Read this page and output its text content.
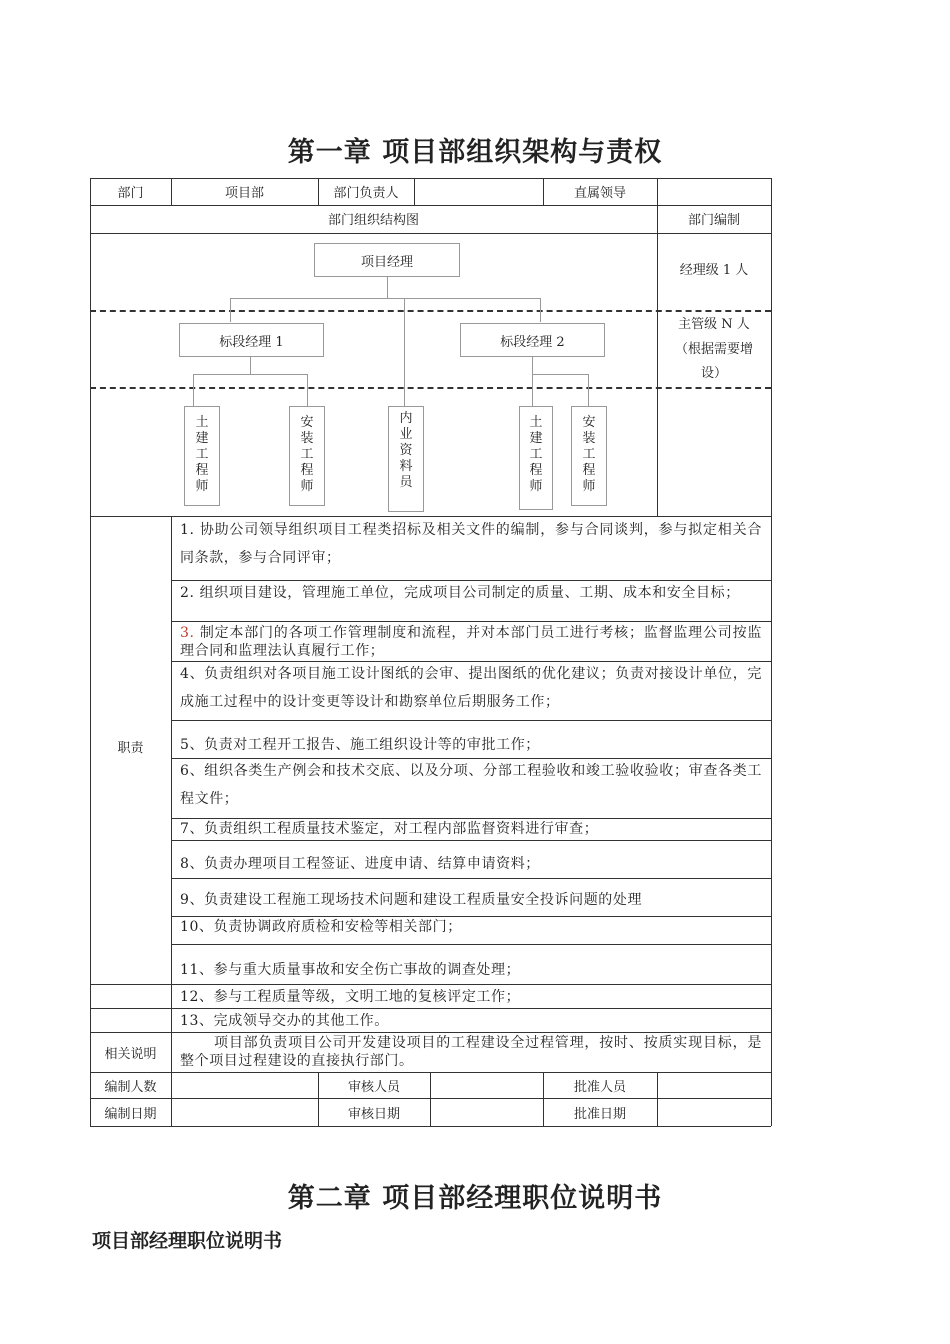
第一章 项目部组织架构与责权
部门	项目部	部门负责人	直属领导
部门组织结构图	部门编制
项目经理
标段经理 1	标段经理 2
土建工程师
安装工程师
内业资料员
土建工程师
安装工程师
经理级 1 人
主管级 N 人
（根据需要增
设）
职责
1. 协助公司领导组织项目工程类招标及相关文件的编制，参与合同谈判，参与拟定相关合同条款，参与合同评审；
2. 组织项目建设，管理施工单位，完成项目公司制定的质量、工期、成本和安全目标；
3. 制定本部门的各项工作管理制度和流程，并对本部门员工进行考核；监督监理公司按监理合同和监理法认真履行工作；
4、负责组织对各项目施工设计图纸的会审、提出图纸的优化建议；负责对接设计单位，完成施工过程中的设计变更等设计和勘察单位后期服务工作；
5、负责对工程开工报告、施工组织设计等的审批工作；
6、组织各类生产例会和技术交底、以及分项、分部工程验收和竣工验收验收；审查各类工程文件；
7、负责组织工程质量技术鉴定，对工程内部监督资料进行审查；
8、负责办理项目工程签证、进度申请、结算申请资料；
9、负责建设工程施工现场技术问题和建设工程质量安全投诉问题的处理
10、负责协调政府质检和安检等相关部门；
11、参与重大质量事故和安全伤亡事故的调查处理；
12、参与工程质量等级，文明工地的复核评定工作；
13、完成领导交办的其他工作。
相关说明
项目部负责项目公司开发建设项目的工程建设全过程管理，按时、按质实现目标，是整个项目过程建设的直接执行部门。
编制人数	审核人员	批准人员
编制日期	审核日期	批准日期
第二章 项目部经理职位说明书
项目部经理职位说明书
